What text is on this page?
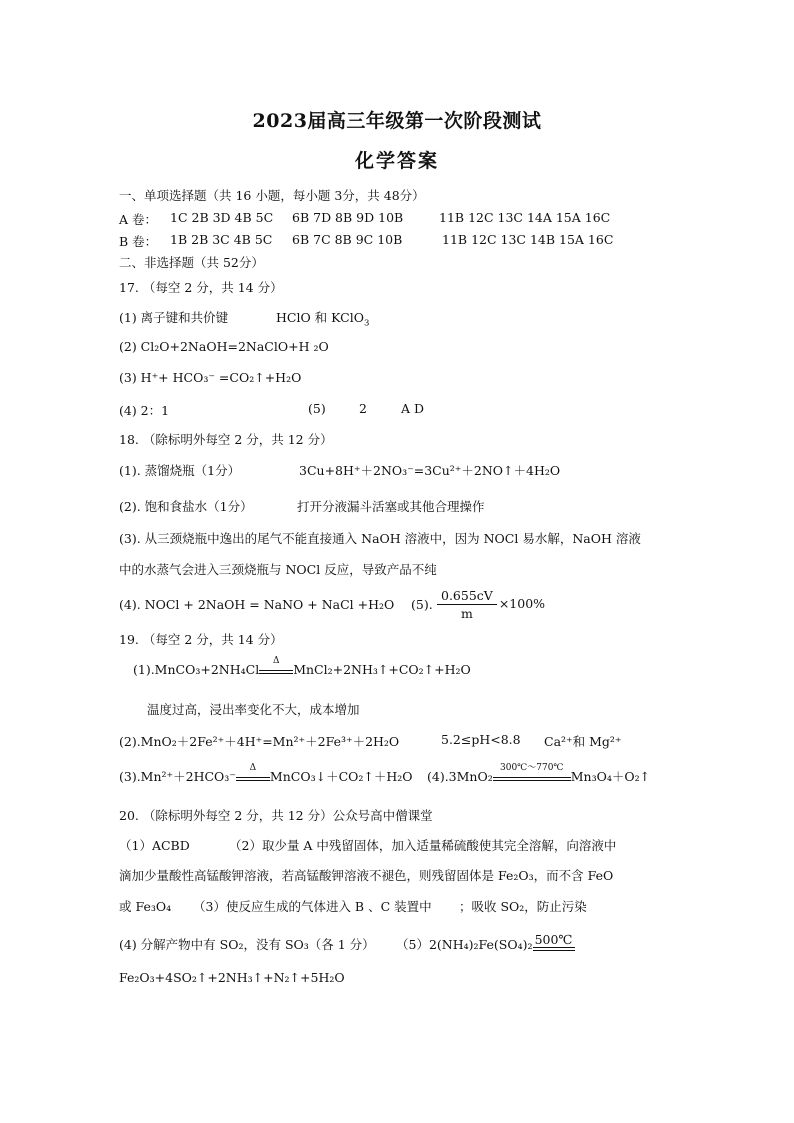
2023届高三年级第一次阶段测试
化学答案
一、单项选择题（共 16 小题，每小题 3分，共 48分）
A 卷： 1C 2B 3D 4B 5C 6B 7D 8B 9D 10B	11B 12C 13C 14A 15A 16C
B 卷： 1B 2B 3C 4B 5C 6B 7C 8B 9C 10B	11B 12C 13C 14B 15A 16C
二、非选择题（共 52分）
17. （每空 2 分，共 14 分）
(1) 离子键和共价键	HClO 和 KClO$_3$
(2) Cl₂O+2NaOH=2NaClO+H ₂O
(3) H⁺+ HCO₃⁻ =CO₂↑+H₂O
(4) 2：1	(5)	2	A D
18. （除标明外每空 2 分，共 12 分）
(1). 蒸馏烧瓶（1分）	3Cu+8H⁺＋2NO₃⁻=3Cu²⁺＋2NO↑＋4H₂O
(2). 饱和食盐水（1分）	打开分液漏斗活塞或其他合理操作
(3). 从三颈烧瓶中逸出的尾气不能直接通入 NaOH 溶液中，因为 NOCl 易水解，NaOH 溶液
中的水蒸气会进入三颈烧瓶与 NOCl 反应，导致产品不纯
(4). NOCl + 2NaOH = NaNO + NaCl +H₂O (5). $\frac{0.655cV}{m} \times 100\%$
19. （每空 2 分，共 14 分）
(1).MnCO₃+2NH₄Cl
Δ
MnCl₂+2NH₃↑+CO₂↑+H₂O
温度过高，浸出率变化不大，成本增加
(2).MnO₂＋2Fe²⁺＋4H⁺=Mn²⁺＋2Fe³⁺＋2H₂O	5.2≤pH<8.8 Ca²⁺和 Mg²⁺
(3).Mn²⁺＋2HCO₃⁻
Δ
MnCO₃↓＋CO₂↑＋H₂O (4).3MnO₂
300℃～770℃
Mn₃O₄＋O₂↑
20. （除标明外每空 2 分，共 12 分）公众号高中僧课堂
（1）ACBD	（2）取少量 A 中残留固体，加入适量稀硫酸使其完全溶解，向溶液中
滴加少量酸性高锰酸钾溶液，若高锰酸钾溶液不褪色，则残留固体是 Fe₂O₃，而不含 FeO
或 Fe₃O₄ （3）使反应生成的气体进入 B 、C 装置中 ；吸收 SO₂，防止污染
(4) 分解产物中有 SO₂，没有 SO₃（各 1 分） （5）2(NH₄)₂Fe(SO₄)₂ 500℃
Fe₂O₃+4SO₂↑+2NH₃↑+N₂↑+5H₂O
